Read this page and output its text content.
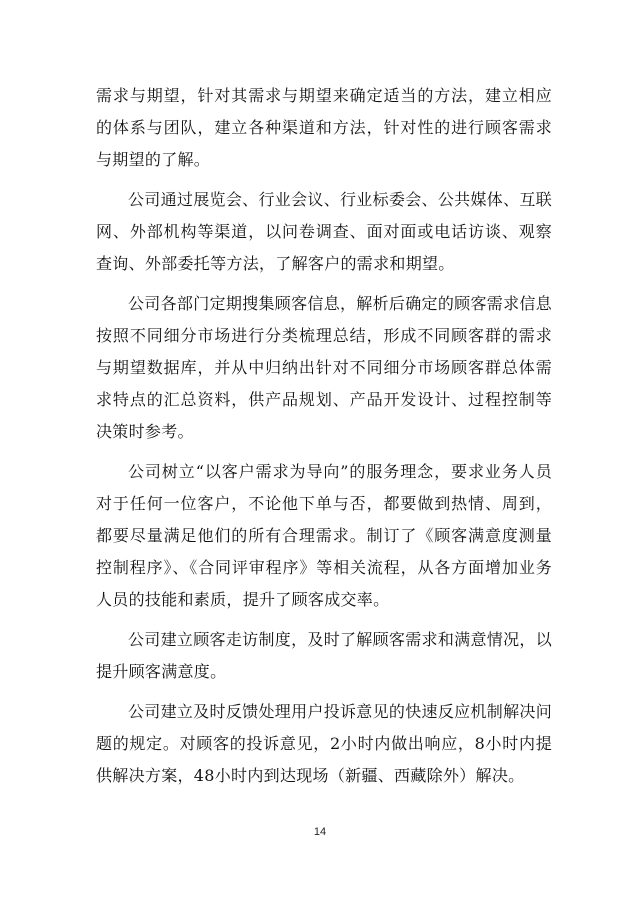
需求与期望，针对其需求与期望来确定适当的方法，建立相应的体系与团队，建立各种渠道和方法，针对性的进行顾客需求与期望的了解。

公司通过展览会、行业会议、行业标委会、公共媒体、互联网、外部机构等渠道，以问卷调查、面对面或电话访谈、观察查询、外部委托等方法，了解客户的需求和期望。

公司各部门定期搜集顾客信息，解析后确定的顾客需求信息按照不同细分市场进行分类梳理总结，形成不同顾客群的需求与期望数据库，并从中归纳出针对不同细分市场顾客群总体需求特点的汇总资料，供产品规划、产品开发设计、过程控制等决策时参考。

公司树立“以客户需求为导向”的服务理念，要求业务人员对于任何一位客户，不论他下单与否，都要做到热情、周到，都要尽量满足他们的所有合理需求。制订了《顾客满意度测量控制程序》、《合同评审程序》等相关流程，从各方面增加业务人员的技能和素质，提升了顾客成交率。

公司建立顾客走访制度，及时了解顾客需求和满意情况，以提升顾客满意度。

公司建立及时反馈处理用户投诉意见的快速反应机制解决问题的规定。对顾客的投诉意见，2小时内做出响应，8小时内提供解决方案，48小时内到达现场（新疆、西藏除外）解决。

14
